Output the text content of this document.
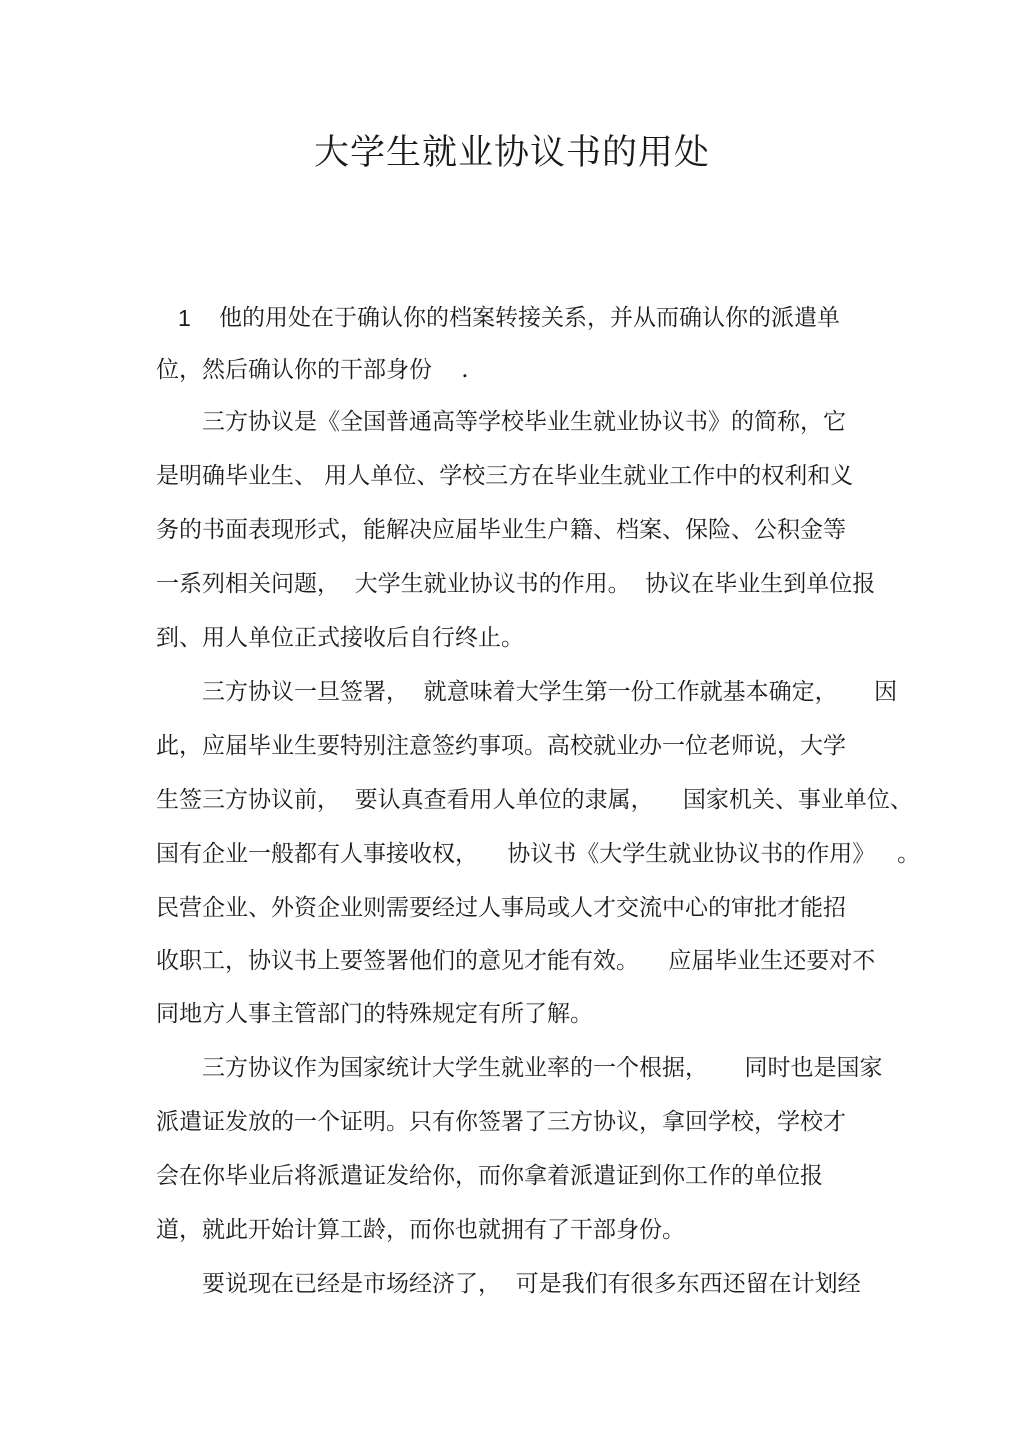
大学生就业协议书的用处

1 他的用处在于确认你的档案转接关系，并从而确认你的派遣单

位，然后确认你的干部身份    .

三方协议是《全国普通高等学校毕业生就业协议书》的简称，它

是明确毕业生、 用人单位、学校三方在毕业生就业工作中的权利和义

务的书面表现形式，能解决应届毕业生户籍、档案、保险、公积金等

一系列相关问题，  大学生就业协议书的作用。  协议在毕业生到单位报

到、用人单位正式接收后自行终止。

三方协议一旦签署，  就意味着大学生第一份工作就基本确定，     因

此，应届毕业生要特别注意签约事项。高校就业办一位老师说，大学

生签三方协议前，  要认真查看用人单位的隶属，    国家机关、事业单位、

国有企业一般都有人事接收权，    协议书《大学生就业协议书的作用》   。

民营企业、外资企业则需要经过人事局或人才交流中心的审批才能招

收职工，协议书上要签署他们的意见才能有效。    应届毕业生还要对不

同地方人事主管部门的特殊规定有所了解。

三方协议作为国家统计大学生就业率的一个根据，     同时也是国家

派遣证发放的一个证明。只有你签署了三方协议，拿回学校，学校才

会在你毕业后将派遣证发给你，而你拿着派遣证到你工作的单位报

道，就此开始计算工龄，而你也就拥有了干部身份。

要说现在已经是市场经济了，  可是我们有很多东西还留在计划经
